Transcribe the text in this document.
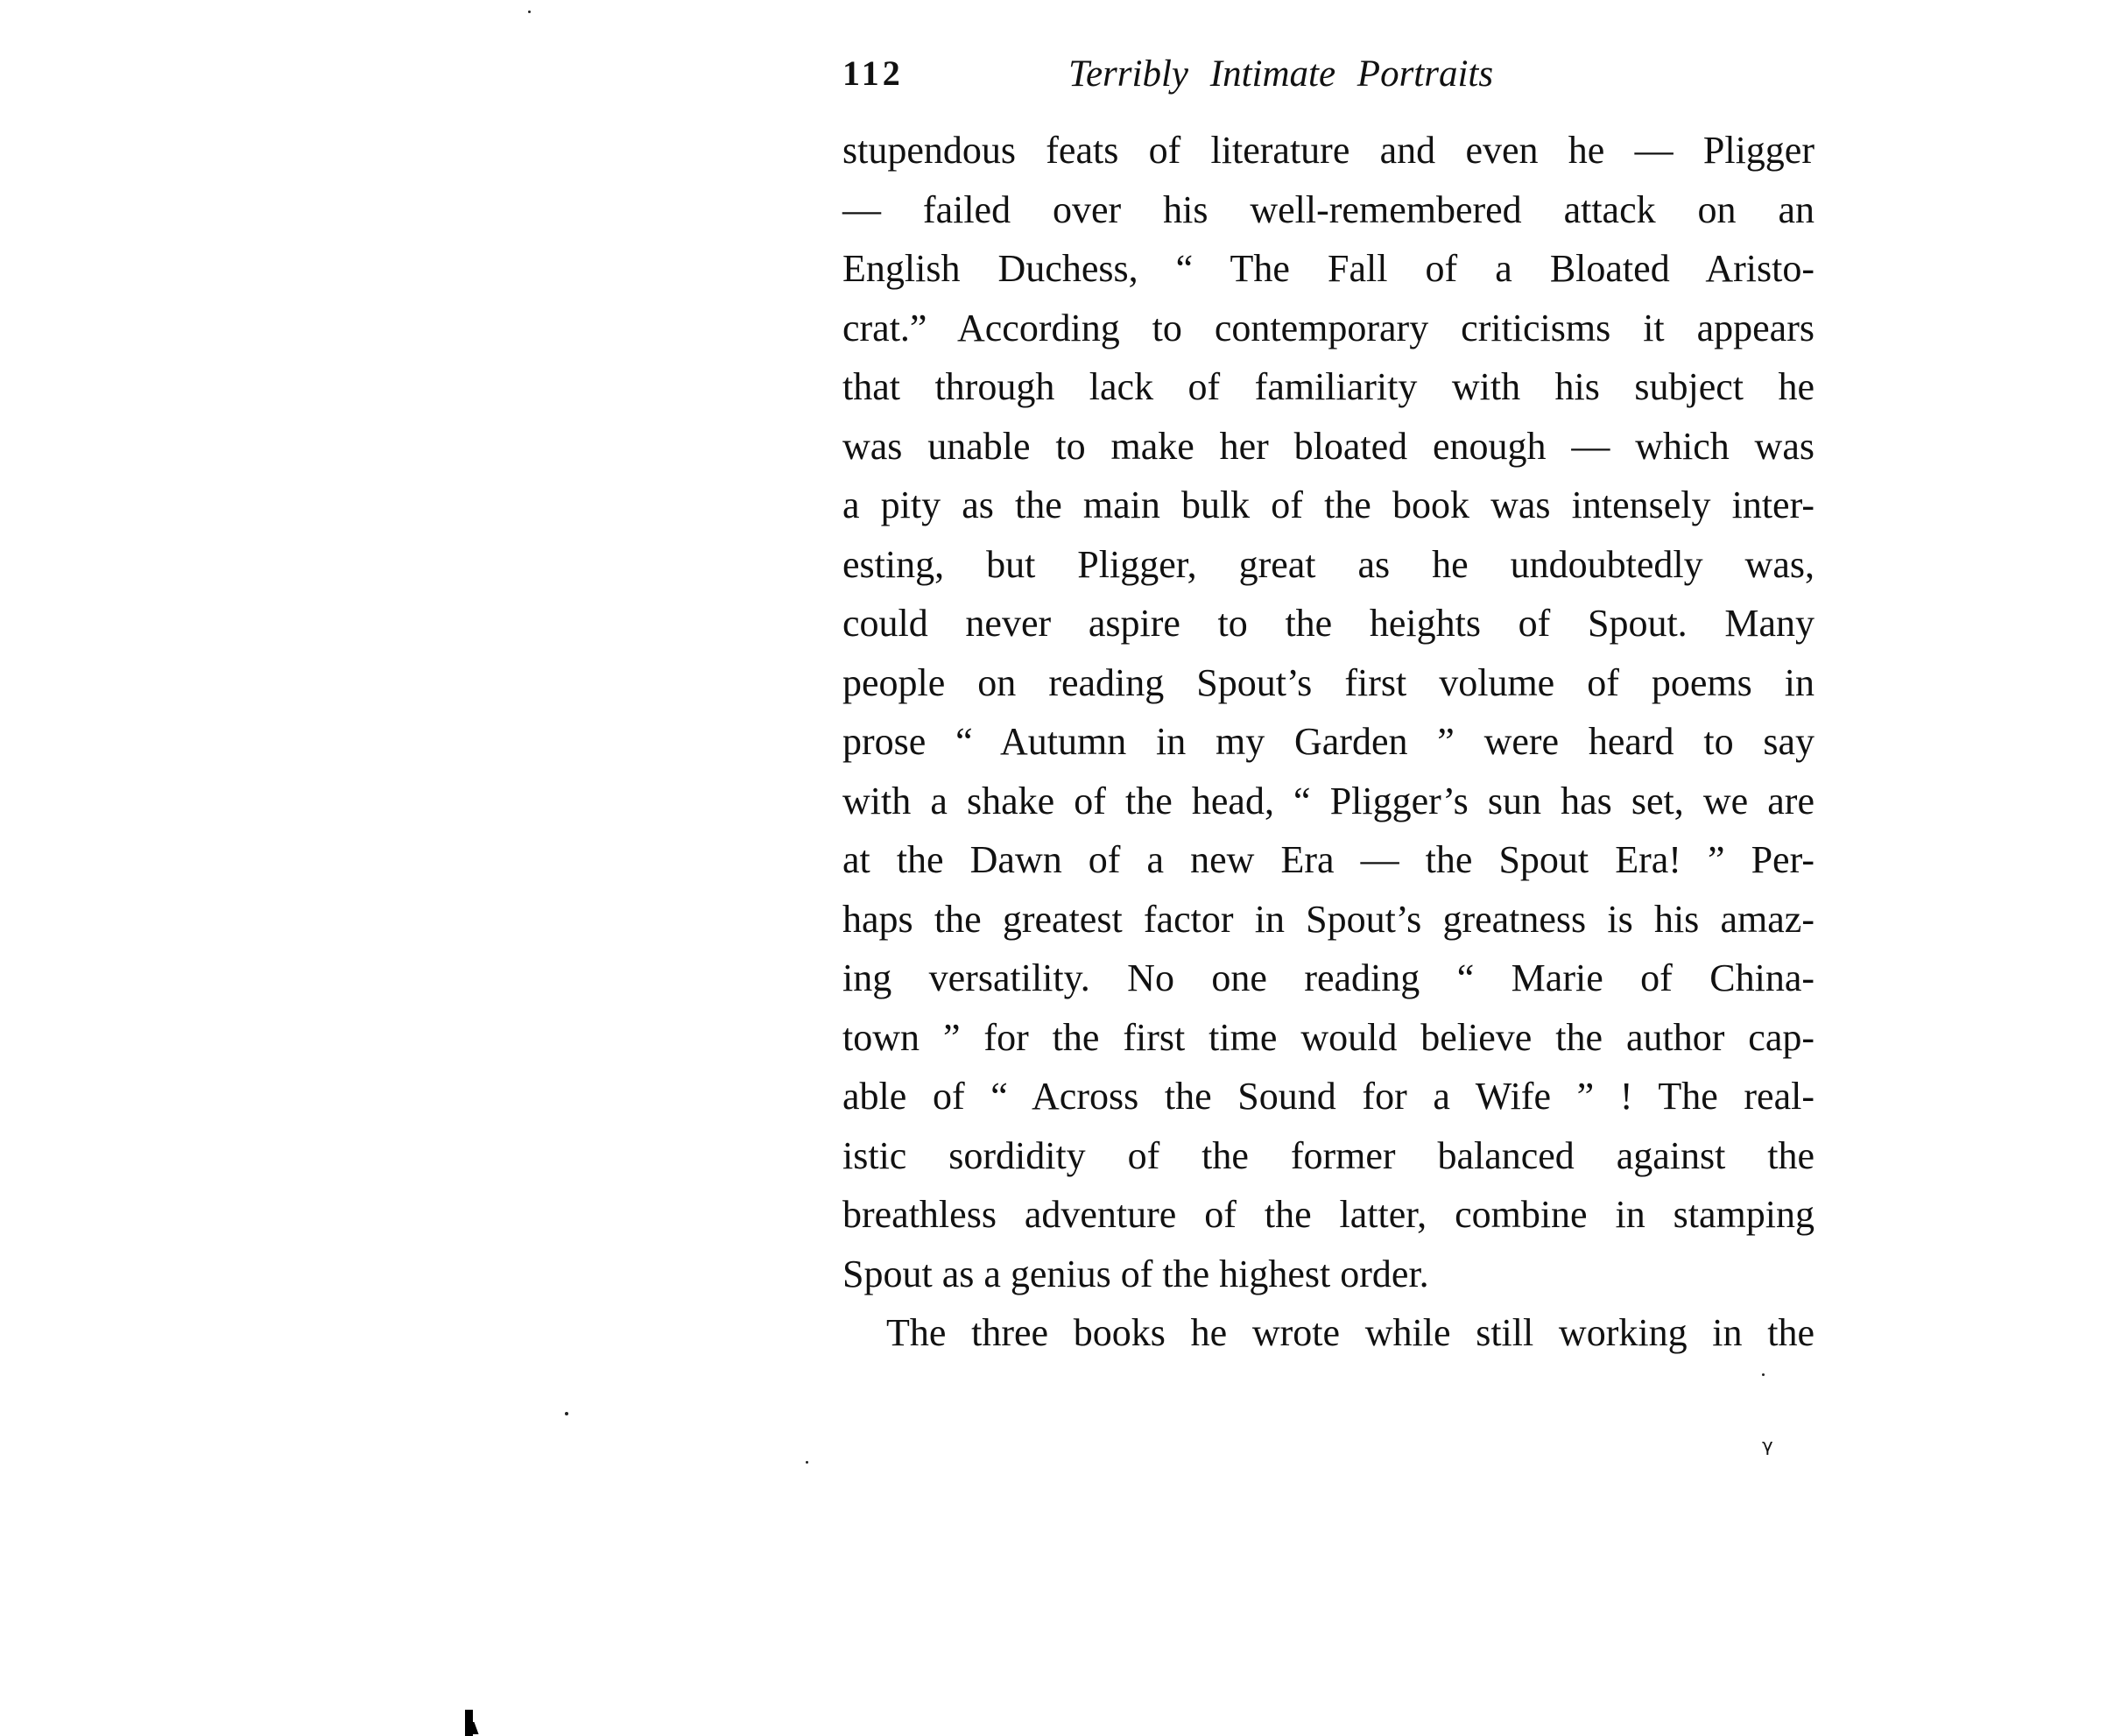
112	Terribly Intimate Portraits
stupendous feats of literature and even he — Pligger
— failed over his well-remembered attack on an
English Duchess, “ The Fall of a Bloated Aristo-
crat.” According to contemporary criticisms it appears
that through lack of familiarity with his subject he
was unable to make her bloated enough — which was
a pity as the main bulk of the book was intensely inter-
esting, but Pligger, great as he undoubtedly was,
could never aspire to the heights of Spout. Many
people on reading Spout’s first volume of poems in
prose “ Autumn in my Garden ” were heard to say
with a shake of the head, “ Pligger’s sun has set, we are
at the Dawn of a new Era — the Spout Era! ” Per-
haps the greatest factor in Spout’s greatness is his amaz-
ing versatility. No one reading “ Marie of China-
town ” for the first time would believe the author cap-
able of “ Across the Sound for a Wife ” ! The real-
istic sordidity of the former balanced against the
breathless adventure of the latter, combine in stamping
Spout as a genius of the highest order.
The three books he wrote while still working in the
ᵞ
